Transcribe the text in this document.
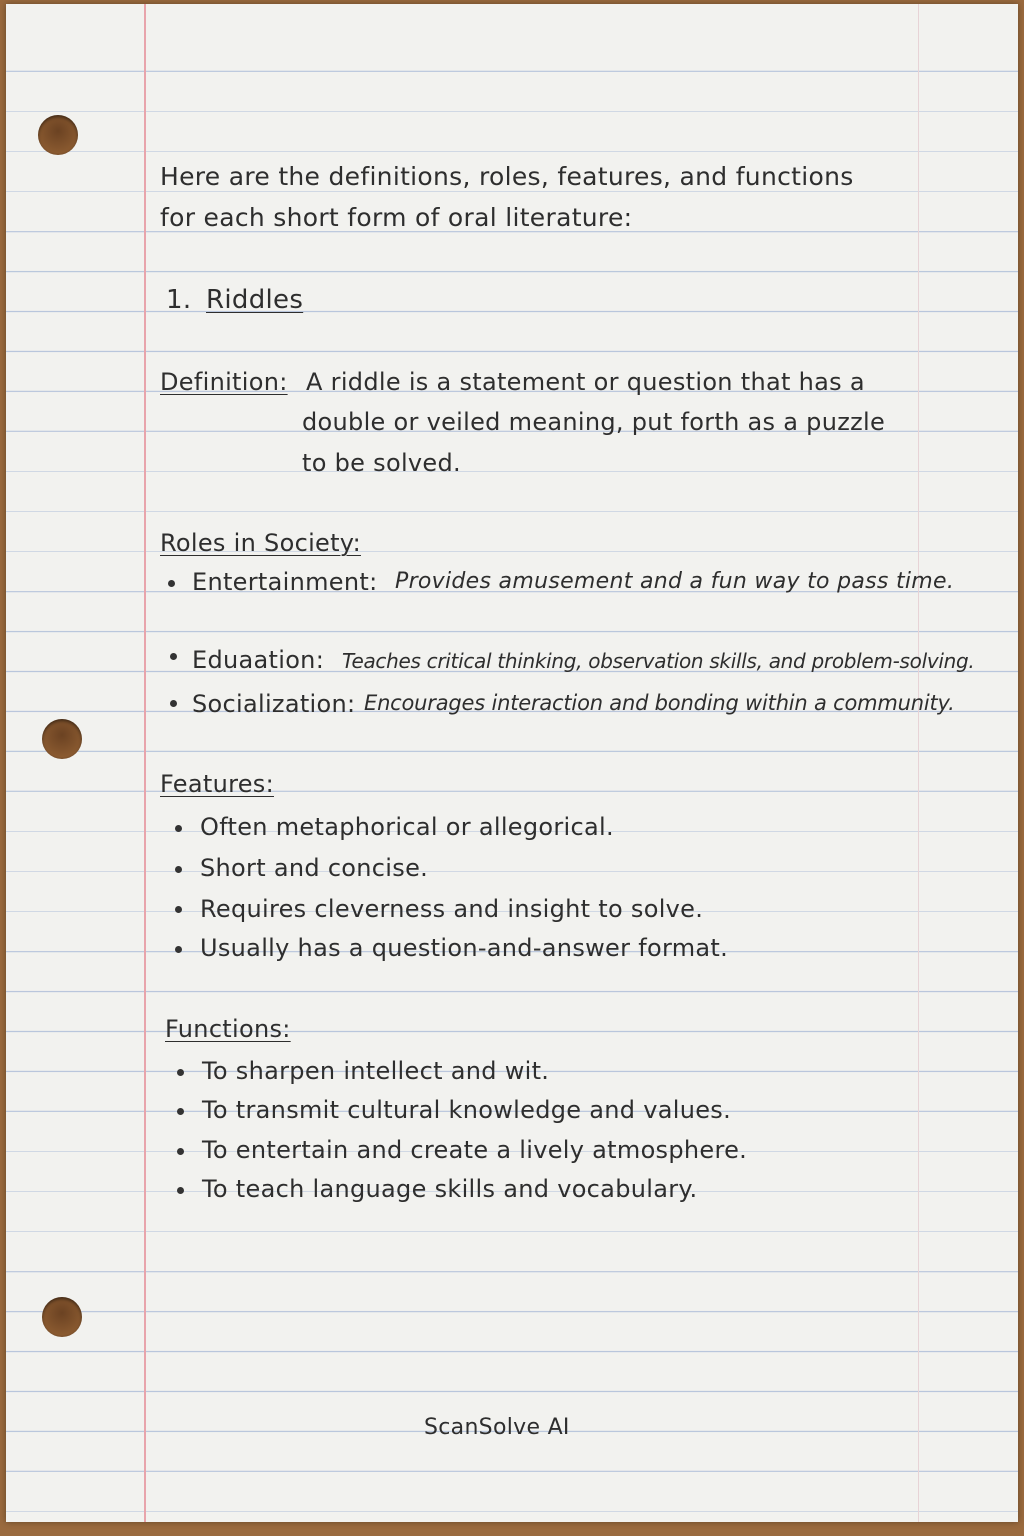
Here are the definitions, roles, features, and functions
for each short form of oral literature:
1. Riddles
Definition: A riddle is a statement or question that has a
double or veiled meaning, put forth as a puzzle
to be solved.
Roles in Society:
Entertainment: Provides amusement and a fun way to pass time.
Eduaation: Teaches critical thinking, observation skills, and problem-solving.
Socialization: Encourages interaction and bonding within a community.
Features:
Often metaphorical or allegorical.
Short and concise.
Requires cleverness and insight to solve.
Usually has a question-and-answer format.
Functions:
To sharpen intellect and wit.
To transmit cultural knowledge and values.
To entertain and create a lively atmosphere.
To teach language skills and vocabulary.
ScanSolve AI
